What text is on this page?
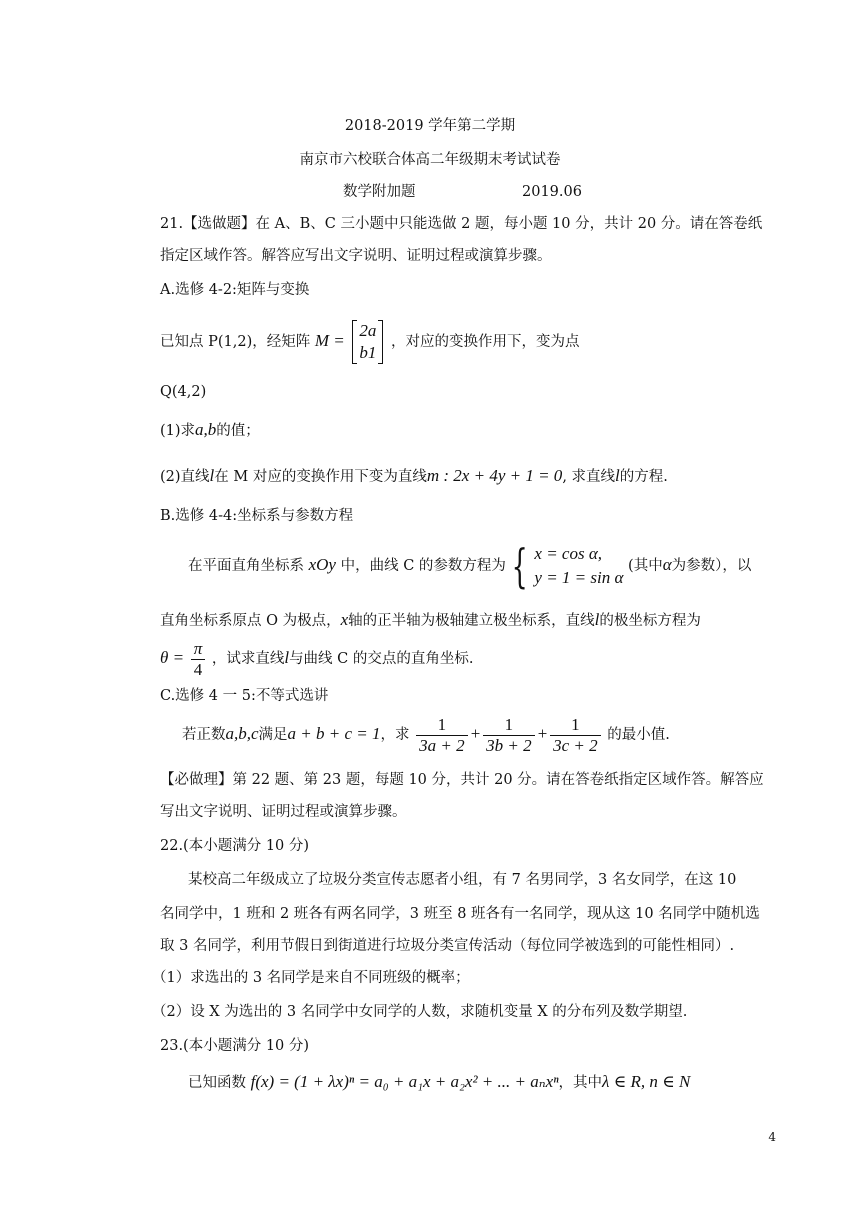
2018-2019 学年第二学期
南京市六校联合体高二年级期末考试试卷
数学附加题	2019.06
21.【选做题】在 A、B、C 三小题中只能选做 2 题，每小题 10 分，共计 20 分。请在答卷纸
指定区域作答。解答应写出文字说明、证明过程或演算步骤。
A.选修 4-2:矩阵与变换
已知点 P(1,2)，经矩阵 M =
2a
b1
，对应的变换作用下，变为点
Q(4,2)
(1)求a,b的值；
(2)直线l在 M 对应的变换作用下变为直线m : 2x + 4y + 1 = 0, 求直线l的方程.
B.选修 4-4:坐标系与参数方程
在平面直角坐标系 xOy 中，曲线 C 的参数方程为 { x = cos α,
y = 1 = sin α
(其中α为参数），以
直角坐标系原点 O 为极点，x轴的正半轴为极轴建立极坐标系，直线l的极坐标方程为
$\theta = \frac{\pi}{4}$ ，试求直线l与曲线 C 的交点的直角坐标.
C.选修 4 一 5:不等式选讲
若正数a,b,c满足a + b + c = 1，求 $\frac{1}{3a + 2} + \frac{1}{3b + 2} + \frac{1}{3c + 2}$ 的最小值.
【必做理】第 22 题、第 23 题，每题 10 分，共计 20 分。请在答卷纸指定区域作答。解答应
写出文字说明、证明过程或演算步骤。
22.(本小题满分 10 分)
某校高二年级成立了垃圾分类宣传志愿者小组，有 7 名男同学，3 名女同学，在这 10
名同学中，1 班和 2 班各有两名同学，3 班至 8 班各有一名同学，现从这 10 名同学中随机选
取 3 名同学，利用节假日到街道进行垃圾分类宣传活动（每位同学被选到的可能性相同）.
（1）求选出的 3 名同学是来自不同班级的概率；
（2）设 X 为选出的 3 名同学中女同学的人数，求随机变量 X 的分布列及数学期望.
23.(本小题满分 10 分)
已知函数 f(x) = (1 + λx)ⁿ = a₀ + a₁x + a₂x² + ... + aₙxⁿ，其中λ ∈ R, n ∈ N
4
